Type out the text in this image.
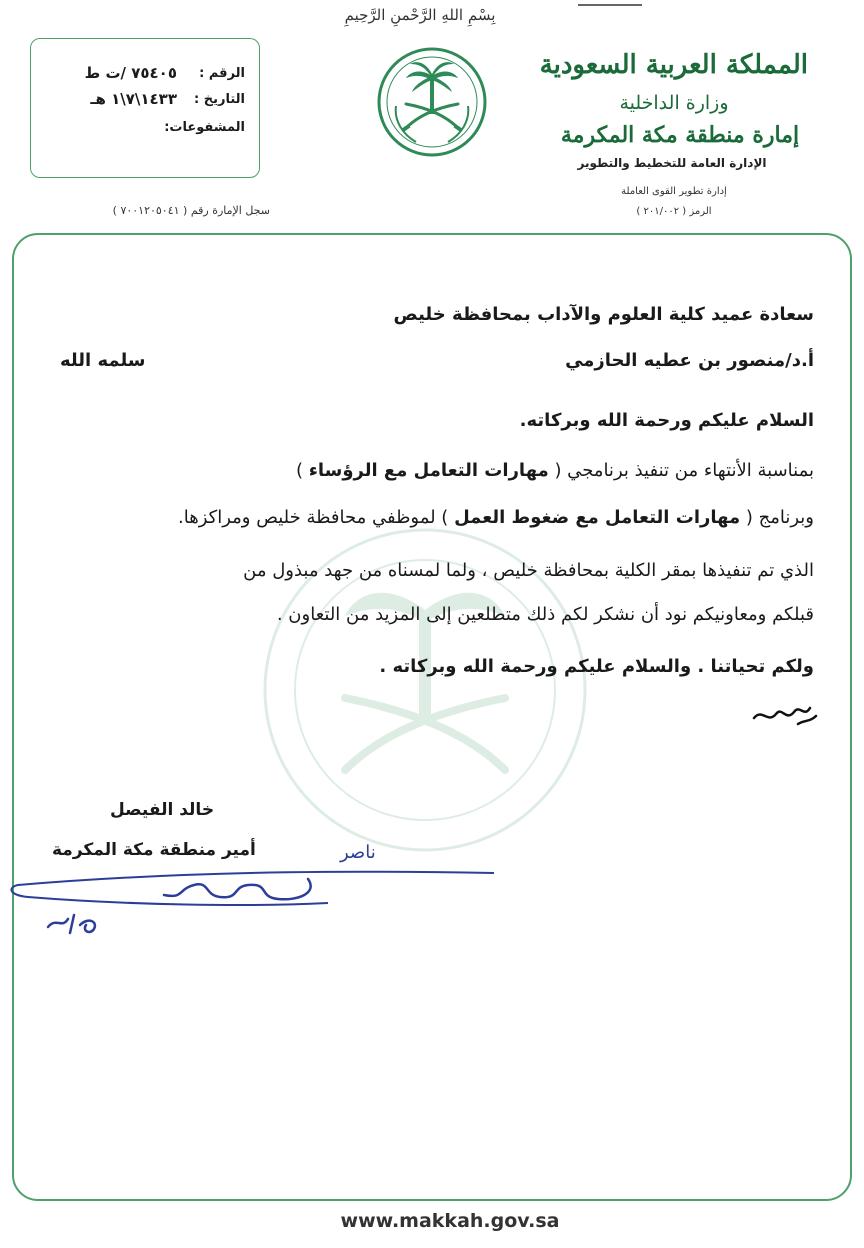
بِسْمِ اللهِ الرَّحْمنِ الرَّحِيمِ
الرقم :
٧٥٤٠٥ /ت ط
التاريخ :
١٤٣٣\٧\١ هـ
المشفوعات:
سجل الإمارة رقم ( ٧٠٠١٢٠٥٠٤١ )
المملكة العربية السعودية
وزارة الداخلية
إمارة منطقة مكة المكرمة
الإدارة العامة للتخطيط والتطوير
إدارة تطوير القوى العاملة
الرمز ( ٢٠١/٠٠٢ )
سعادة عميد كلية العلوم والآداب بمحافظة خليص
أ.د/منصور بن عطيه الحازمي
سلمه الله
السلام عليكم ورحمة الله وبركاته.
بمناسبة الأنتهاء من تنفيذ برنامجي ( مهارات التعامل مع الرؤساء )
وبرنامج ( مهارات التعامل مع ضغوط العمل ) لموظفي محافظة خليص ومراكزها.
الذي تم تنفيذها بمقر الكلية بمحافظة خليص ، ولما لمسناه من جهد مبذول من
قبلكم ومعاونيكم نود أن نشكر لكم ذلك متطلعين إلى المزيد من التعاون .
ولكم تحياتنا . والسلام عليكم ورحمة الله وبركاته .
خالد الفيصل
أمير منطقة مكة المكرمة	ناصر
www.makkah.gov.sa
